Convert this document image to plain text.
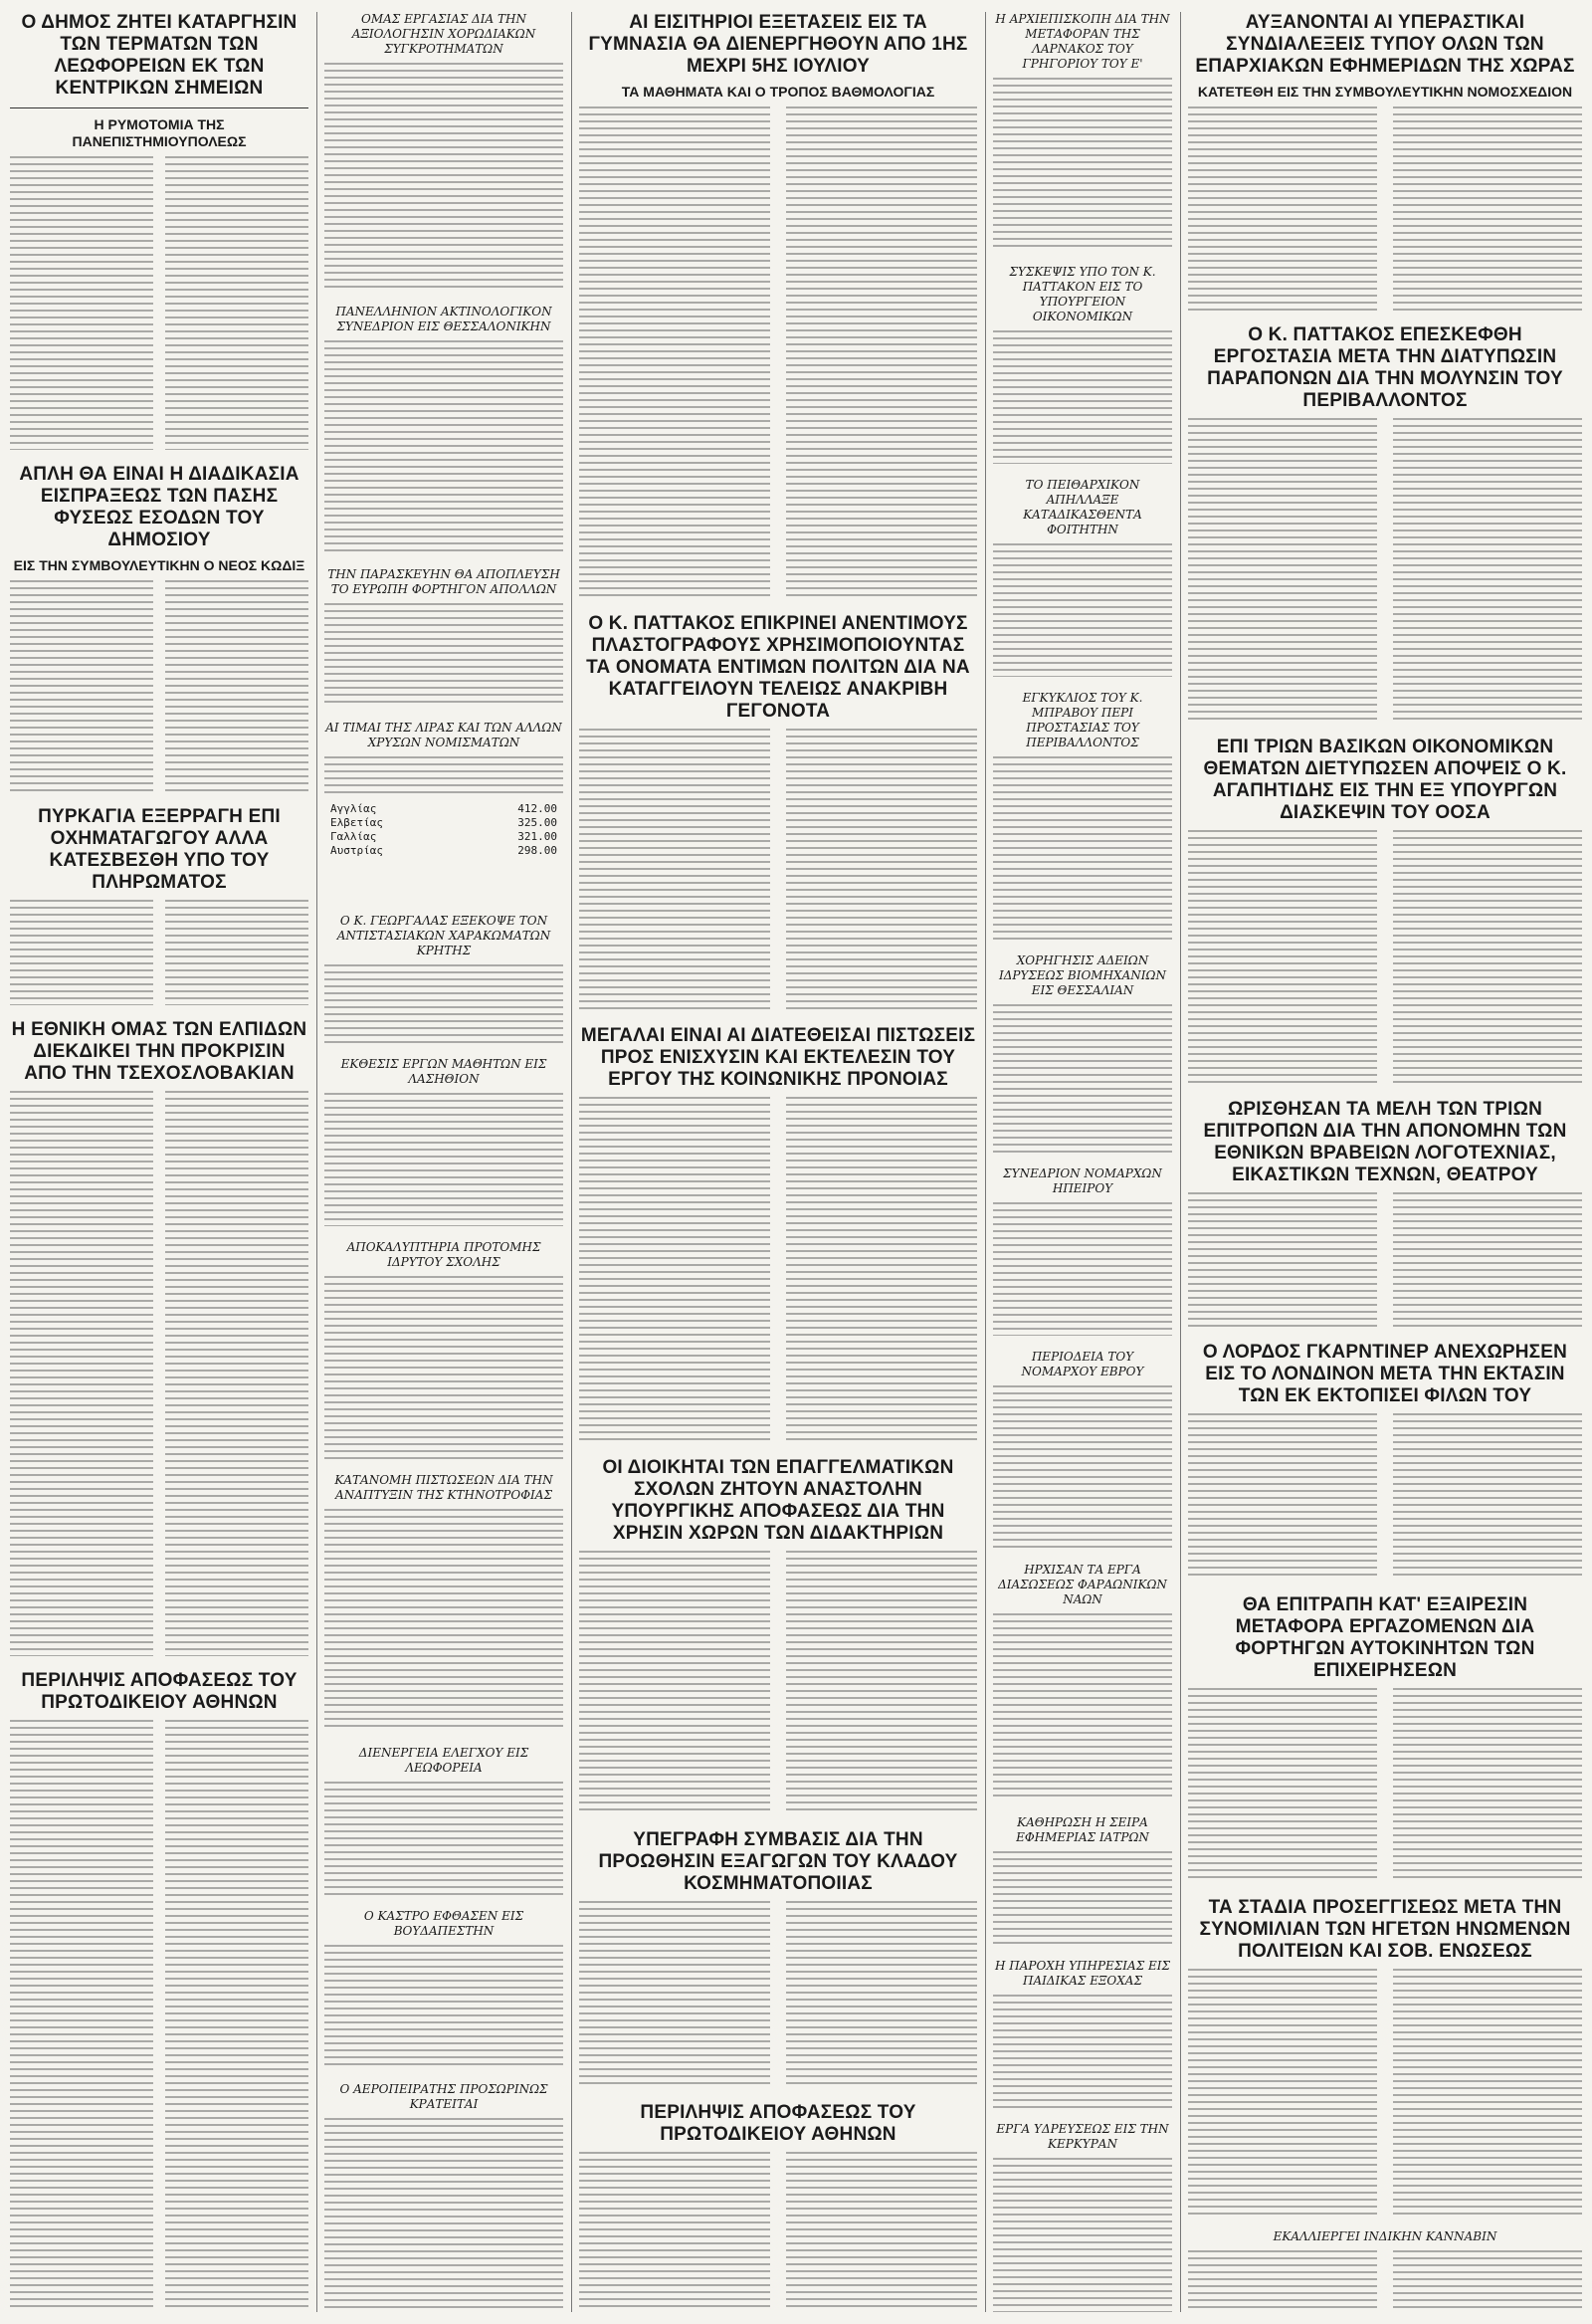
Ο ΔΗΜΟΣ ΖΗΤΕΙ ΚΑΤΑΡΓΗΣΙΝ ΤΩΝ ΤΕΡΜΑΤΩΝ ΤΩΝ ΛΕΩΦΟΡΕΙΩΝ ΕΚ ΤΩΝ ΚΕΝΤΡΙΚΩΝ ΣΗΜΕΙΩΝ
Η ΡΥΜΟΤΟΜΙΑ ΤΗΣ ΠΑΝΕΠΙΣΤΗΜΙΟΥΠΟΛΕΩΣ
ΑΠΛΗ ΘΑ ΕΙΝΑΙ Η ΔΙΑΔΙΚΑΣΙΑ ΕΙΣΠΡΑΞΕΩΣ ΤΩΝ ΠΑΣΗΣ ΦΥΣΕΩΣ ΕΣΟΔΩΝ ΤΟΥ ΔΗΜΟΣΙΟΥ
ΕΙΣ ΤΗΝ ΣΥΜΒΟΥΛΕΥΤΙΚΗΝ Ο ΝΕΟΣ ΚΩΔΙΞ
ΠΥΡΚΑΓΙΑ ΕΞΕΡΡΑΓΗ ΕΠΙ ΟΧΗΜΑΤΑΓΩΓΟΥ ΑΛΛΑ ΚΑΤΕΣΒΕΣΘΗ ΥΠΟ ΤΟΥ ΠΛΗΡΩΜΑΤΟΣ
Η ΕΘΝΙΚΗ ΟΜΑΣ ΤΩΝ ΕΛΠΙΔΩΝ ΔΙΕΚΔΙΚΕΙ ΤΗΝ ΠΡΟΚΡΙΣΙΝ ΑΠΟ ΤΗΝ ΤΣΕΧΟΣΛΟΒΑΚΙΑΝ
ΠΕΡΙΛΗΨΙΣ ΑΠΟΦΑΣΕΩΣ ΤΟΥ ΠΡΩΤΟΔΙΚΕΙΟΥ ΑΘΗΝΩΝ
ΟΜΑΣ ΕΡΓΑΣΙΑΣ ΔΙΑ ΤΗΝ ΑΞΙΟΛΟΓΗΣΙΝ ΧΟΡΩΔΙΑΚΩΝ ΣΥΓΚΡΟΤΗΜΑΤΩΝ
ΠΑΝΕΛΛΗΝΙΟΝ ΑΚΤΙΝΟΛΟΓΙΚΟΝ ΣΥΝΕΔΡΙΟΝ ΕΙΣ ΘΕΣΣΑΛΟΝΙΚΗΝ
ΤΗΝ ΠΑΡΑΣΚΕΥΗΝ ΘΑ ΑΠΟΠΛΕΥΣΗ ΤΟ ΕΥΡΩΠΗ ΦΟΡΤΗΓΟΝ ΑΠΟΛΛΩΝ
ΑΙ ΤΙΜΑΙ ΤΗΣ ΛΙΡΑΣ ΚΑΙ ΤΩΝ ΑΛΛΩΝ ΧΡΥΣΩΝ ΝΟΜΙΣΜΑΤΩΝ
Αγγλίας	412.00
Ελβετίας	325.00
Γαλλίας	321.00
Αυστρίας	298.00
Ο Κ. ΓΕΩΡΓΑΛΑΣ ΕΞΕΚΟΨΕ ΤΟΝ ΑΝΤΙΣΤΑΣΙΑΚΩΝ ΧΑΡΑΚΩΜΑΤΩΝ ΚΡΗΤΗΣ
ΕΚΘΕΣΙΣ ΕΡΓΩΝ ΜΑΘΗΤΩΝ ΕΙΣ ΛΑΣΗΘΙΟΝ
ΑΠΟΚΑΛΥΠΤΗΡΙΑ ΠΡΟΤΟΜΗΣ ΙΔΡΥΤΟΥ ΣΧΟΛΗΣ
ΚΑΤΑΝΟΜΗ ΠΙΣΤΩΣΕΩΝ ΔΙΑ ΤΗΝ ΑΝΑΠΤΥΞΙΝ ΤΗΣ ΚΤΗΝΟΤΡΟΦΙΑΣ
ΔΙΕΝΕΡΓΕΙΑ ΕΛΕΓΧΟΥ ΕΙΣ ΛΕΩΦΟΡΕΙΑ
Ο ΚΑΣΤΡΟ ΕΦΘΑΣΕΝ ΕΙΣ ΒΟΥΔΑΠΕΣΤΗΝ
Ο ΑΕΡΟΠΕΙΡΑΤΗΣ ΠΡΟΣΩΡΙΝΩΣ ΚΡΑΤΕΙΤΑΙ
ΑΙ ΕΙΣΙΤΗΡΙΟΙ ΕΞΕΤΑΣΕΙΣ ΕΙΣ ΤΑ ΓΥΜΝΑΣΙΑ ΘΑ ΔΙΕΝΕΡΓΗΘΟΥΝ ΑΠΟ 1ΗΣ ΜΕΧΡΙ 5ΗΣ ΙΟΥΛΙΟΥ
ΤΑ ΜΑΘΗΜΑΤΑ ΚΑΙ Ο ΤΡΟΠΟΣ ΒΑΘΜΟΛΟΓΙΑΣ
Ο Κ. ΠΑΤΤΑΚΟΣ ΕΠΙΚΡΙΝΕΙ ΑΝΕΝΤΙΜΟΥΣ ΠΛΑΣΤΟΓΡΑΦΟΥΣ ΧΡΗΣΙΜΟΠΟΙΟΥΝΤΑΣ ΤΑ ΟΝΟΜΑΤΑ ΕΝΤΙΜΩΝ ΠΟΛΙΤΩΝ ΔΙΑ ΝΑ ΚΑΤΑΓΓΕΙΛΟΥΝ ΤΕΛΕΙΩΣ ΑΝΑΚΡΙΒΗ ΓΕΓΟΝΟΤΑ
ΜΕΓΑΛΑΙ ΕΙΝΑΙ ΑΙ ΔΙΑΤΕΘΕΙΣΑΙ ΠΙΣΤΩΣΕΙΣ ΠΡΟΣ ΕΝΙΣΧΥΣΙΝ ΚΑΙ ΕΚΤΕΛΕΣΙΝ ΤΟΥ ΕΡΓΟΥ ΤΗΣ ΚΟΙΝΩΝΙΚΗΣ ΠΡΟΝΟΙΑΣ
ΟΙ ΔΙΟΙΚΗΤΑΙ ΤΩΝ ΕΠΑΓΓΕΛΜΑΤΙΚΩΝ ΣΧΟΛΩΝ ΖΗΤΟΥΝ ΑΝΑΣΤΟΛΗΝ ΥΠΟΥΡΓΙΚΗΣ ΑΠΟΦΑΣΕΩΣ ΔΙΑ ΤΗΝ ΧΡΗΣΙΝ ΧΩΡΩΝ ΤΩΝ ΔΙΔΑΚΤΗΡΙΩΝ
ΥΠΕΓΡΑΦΗ ΣΥΜΒΑΣΙΣ ΔΙΑ ΤΗΝ ΠΡΟΩΘΗΣΙΝ ΕΞΑΓΩΓΩΝ ΤΟΥ ΚΛΑΔΟΥ ΚΟΣΜΗΜΑΤΟΠΟΙΙΑΣ
ΠΕΡΙΛΗΨΙΣ ΑΠΟΦΑΣΕΩΣ ΤΟΥ ΠΡΩΤΟΔΙΚΕΙΟΥ ΑΘΗΝΩΝ
Η ΑΡΧΙΕΠΙΣΚΟΠΗ ΔΙΑ ΤΗΝ ΜΕΤΑΦΟΡΑΝ ΤΗΣ ΛΑΡΝΑΚΟΣ ΤΟΥ ΓΡΗΓΟΡΙΟΥ ΤΟΥ Ε'
ΣΥΣΚΕΨΙΣ ΥΠΟ ΤΟΝ Κ. ΠΑΤΤΑΚΟΝ ΕΙΣ ΤΟ ΥΠΟΥΡΓΕΙΟΝ ΟΙΚΟΝΟΜΙΚΩΝ
ΤΟ ΠΕΙΘΑΡΧΙΚΟΝ ΑΠΗΛΛΑΞΕ ΚΑΤΑΔΙΚΑΣΘΕΝΤΑ ΦΟΙΤΗΤΗΝ
ΕΓΚΥΚΛΙΟΣ ΤΟΥ Κ. ΜΠΡΑΒΟΥ ΠΕΡΙ ΠΡΟΣΤΑΣΙΑΣ ΤΟΥ ΠΕΡΙΒΑΛΛΟΝΤΟΣ
ΧΟΡΗΓΗΣΙΣ ΑΔΕΙΩΝ ΙΔΡΥΣΕΩΣ ΒΙΟΜΗΧΑΝΙΩΝ ΕΙΣ ΘΕΣΣΑΛΙΑΝ
ΣΥΝΕΔΡΙΟΝ ΝΟΜΑΡΧΩΝ ΗΠΕΙΡΟΥ
ΠΕΡΙΟΔΕΙΑ ΤΟΥ ΝΟΜΑΡΧΟΥ ΕΒΡΟΥ
ΗΡΧΙΣΑΝ ΤΑ ΕΡΓΑ ΔΙΑΣΩΣΕΩΣ ΦΑΡΑΩΝΙΚΩΝ ΝΑΩΝ
ΚΑΘΗΡΩΣΗ Η ΣΕΙΡΑ ΕΦΗΜΕΡΙΑΣ ΙΑΤΡΩΝ
Η ΠΑΡΟΧΗ ΥΠΗΡΕΣΙΑΣ ΕΙΣ ΠΑΙΔΙΚΑΣ ΕΞΟΧΑΣ
ΕΡΓΑ ΥΔΡΕΥΣΕΩΣ ΕΙΣ ΤΗΝ ΚΕΡΚΥΡΑΝ
ΑΥΞΑΝΟΝΤΑΙ ΑΙ ΥΠΕΡΑΣΤΙΚΑΙ ΣΥΝΔΙΑΛΕΞΕΙΣ ΤΥΠΟΥ ΟΛΩΝ ΤΩΝ ΕΠΑΡΧΙΑΚΩΝ ΕΦΗΜΕΡΙΔΩΝ ΤΗΣ ΧΩΡΑΣ
ΚΑΤΕΤΕΘΗ ΕΙΣ ΤΗΝ ΣΥΜΒΟΥΛΕΥΤΙΚΗΝ ΝΟΜΟΣΧΕΔΙΟΝ
Ο Κ. ΠΑΤΤΑΚΟΣ ΕΠΕΣΚΕΦΘΗ ΕΡΓΟΣΤΑΣΙΑ ΜΕΤΑ ΤΗΝ ΔΙΑΤΥΠΩΣΙΝ ΠΑΡΑΠΟΝΩΝ ΔΙΑ ΤΗΝ ΜΟΛΥΝΣΙΝ ΤΟΥ ΠΕΡΙΒΑΛΛΟΝΤΟΣ
ΕΠΙ ΤΡΙΩΝ ΒΑΣΙΚΩΝ ΟΙΚΟΝΟΜΙΚΩΝ ΘΕΜΑΤΩΝ ΔΙΕΤΥΠΩΣΕΝ ΑΠΟΨΕΙΣ Ο Κ. ΑΓΑΠΗΤΙΔΗΣ ΕΙΣ ΤΗΝ ΕΞ ΥΠΟΥΡΓΩΝ ΔΙΑΣΚΕΨΙΝ ΤΟΥ ΟΟΣΑ
ΩΡΙΣΘΗΣΑΝ ΤΑ ΜΕΛΗ ΤΩΝ ΤΡΙΩΝ ΕΠΙΤΡΟΠΩΝ ΔΙΑ ΤΗΝ ΑΠΟΝΟΜΗΝ ΤΩΝ ΕΘΝΙΚΩΝ ΒΡΑΒΕΙΩΝ ΛΟΓΟΤΕΧΝΙΑΣ, ΕΙΚΑΣΤΙΚΩΝ ΤΕΧΝΩΝ, ΘΕΑΤΡΟΥ
Ο ΛΟΡΔΟΣ ΓΚΑΡΝΤΙΝΕΡ ΑΝΕΧΩΡΗΣΕΝ ΕΙΣ ΤΟ ΛΟΝΔΙΝΟΝ ΜΕΤΑ ΤΗΝ ΕΚΤΑΣΙΝ ΤΩΝ ΕΚ ΕΚΤΟΠΙΣΕΙ ΦΙΛΩΝ ΤΟΥ
ΘΑ ΕΠΙΤΡΑΠΗ ΚΑΤ' ΕΞΑΙΡΕΣΙΝ ΜΕΤΑΦΟΡΑ ΕΡΓΑΖΟΜΕΝΩΝ ΔΙΑ ΦΟΡΤΗΓΩΝ ΑΥΤΟΚΙΝΗΤΩΝ ΤΩΝ ΕΠΙΧΕΙΡΗΣΕΩΝ
ΤΑ ΣΤΑΔΙΑ ΠΡΟΣΕΓΓΙΣΕΩΣ ΜΕΤΑ ΤΗΝ ΣΥΝΟΜΙΛΙΑΝ ΤΩΝ ΗΓΕΤΩΝ ΗΝΩΜΕΝΩΝ ΠΟΛΙΤΕΙΩΝ ΚΑΙ ΣΟΒ. ΕΝΩΣΕΩΣ
ΕΚΑΛΛΙΕΡΓΕΙ ΙΝΔΙΚΗΝ ΚΑΝΝΑΒΙΝ
